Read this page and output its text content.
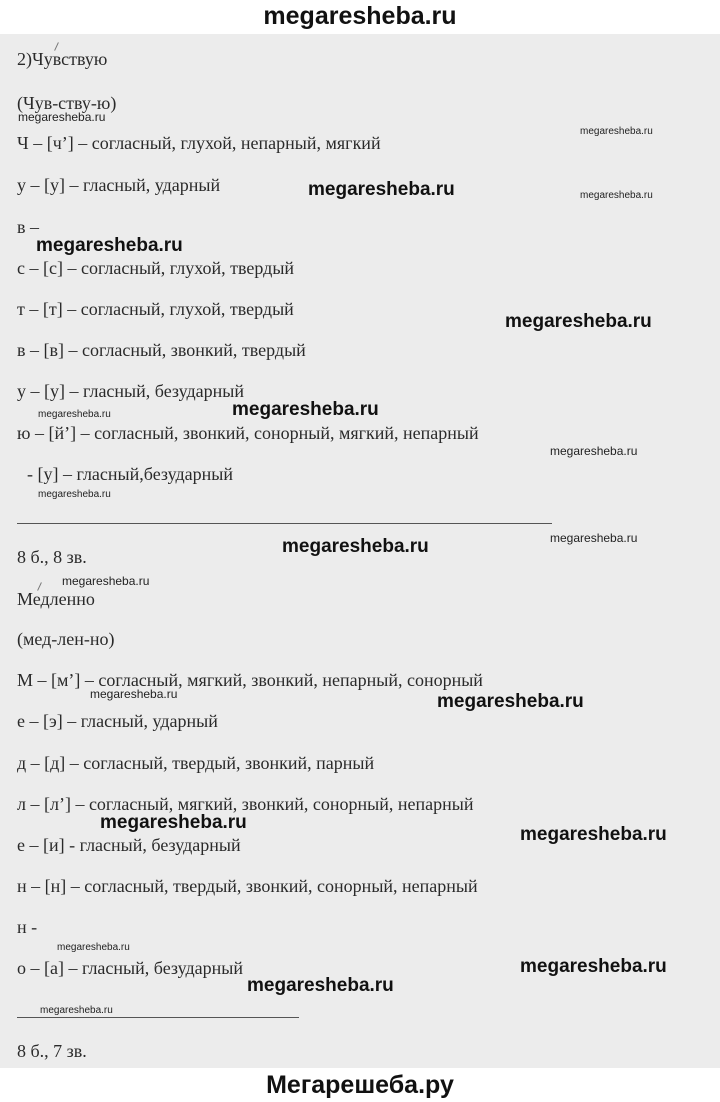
megaresheba.ru
2)Чувствую
(Чув-ству-ю)
megaresheba.ru
Ч – [ч’] – согласный, глухой, непарный, мягкий
megaresheba.ru
у – [у] – гласный, ударный	megaresheba.ru	megaresheba.ru
в –
megaresheba.ru
с – [с] – согласный, глухой, твердый
т – [т] – согласный, глухой, твердый
megaresheba.ru
в – [в] – согласный, звонкий, твердый
у – [у] – гласный, безударный
megaresheba.ru
megaresheba.ru
ю – [й’] – согласный, звонкий, сонорный, мягкий, непарный
megaresheba.ru
- [у] – гласный,безударный
megaresheba.ru
megaresheba.ru
8 б., 8 зв.	megaresheba.ru
megaresheba.ru
Медленно
(мед-лен-но)
М – [м’] – согласный, мягкий, звонкий, непарный, сонорный
megaresheba.ru	megaresheba.ru
е – [э] – гласный, ударный
д – [д] – согласный, твердый, звонкий, парный
л – [л’] – согласный, мягкий, звонкий, сонорный, непарный
megaresheba.ru
megaresheba.ru
е – [и] - гласный, безударный
н – [н] – согласный, твердый, звонкий, сонорный, непарный
н -
megaresheba.ru
о – [а] – гласный, безударный	megaresheba.ru
megaresheba.ru
megaresheba.ru
8 б., 7 зв.
Мегарешеба.ру
